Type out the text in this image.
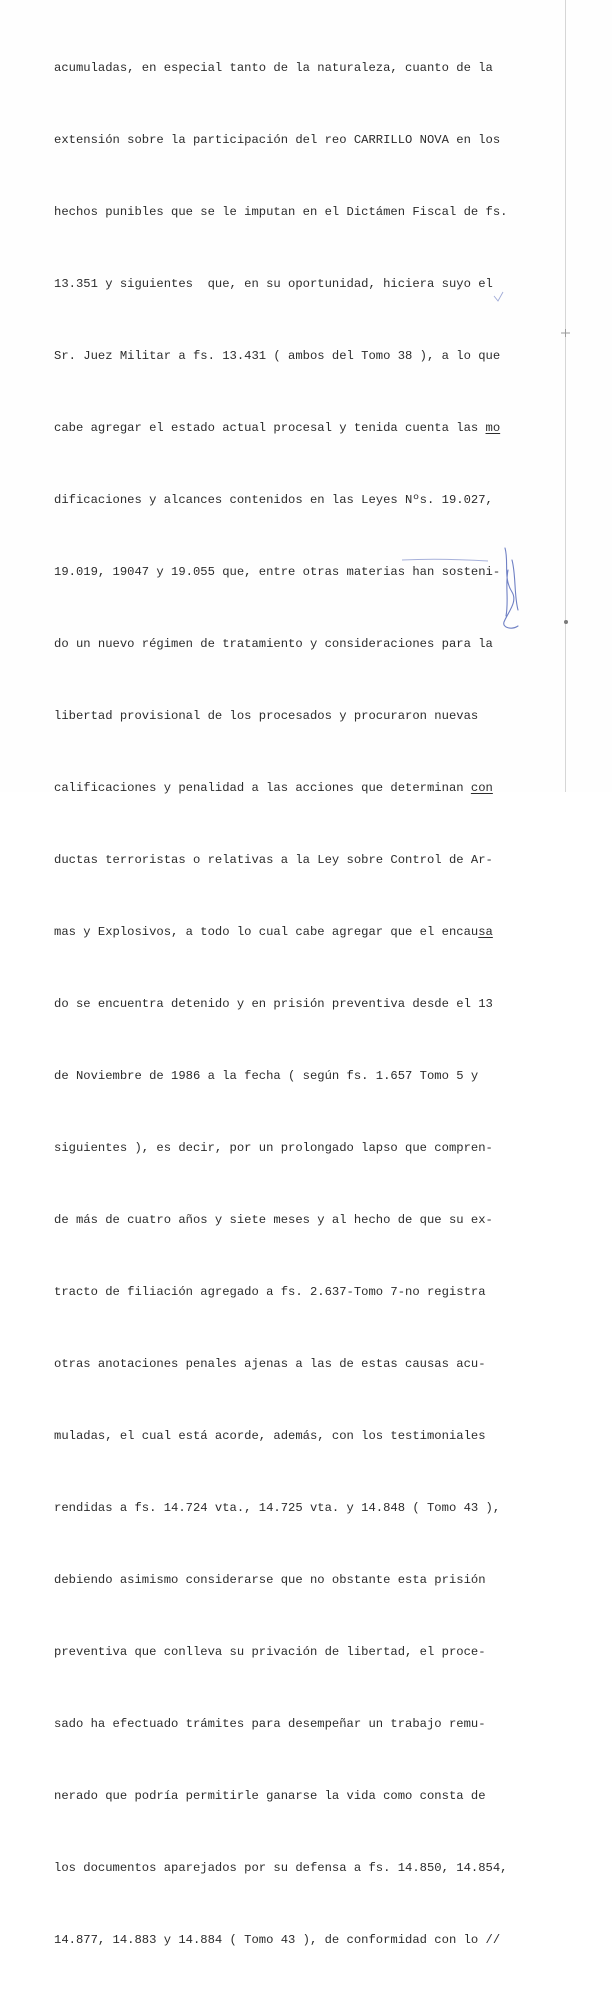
acumuladas, en especial tanto de la naturaleza, cuanto de la

extensión sobre la participación del reo CARRILLO NOVA en los

hechos punibles que se le imputan en el Dictámen Fiscal de fs.

13.351 y siguientes  que, en su oportunidad, hiciera suyo el

Sr. Juez Militar a fs. 13.431 ( ambos del Tomo 38 ), a lo que

cabe agregar el estado actual procesal y tenida cuenta las mo

dificaciones y alcances contenidos en las Leyes Nºs. 19.027,

19.019, 19047 y 19.055 que, entre otras materias han sosteni-

do un nuevo régimen de tratamiento y consideraciones para la

libertad provisional de los procesados y procuraron nuevas

calificaciones y penalidad a las acciones que determinan con

ductas terroristas o relativas a la Ley sobre Control de Ar-

mas y Explosivos, a todo lo cual cabe agregar que el encausa

do se encuentra detenido y en prisión preventiva desde el 13

de Noviembre de 1986 a la fecha ( según fs. 1.657 Tomo 5 y

siguientes ), es decir, por un prolongado lapso que compren-

de más de cuatro años y siete meses y al hecho de que su ex-

tracto de filiación agregado a fs. 2.637-Tomo 7-no registra

otras anotaciones penales ajenas a las de estas causas acu-

muladas, el cual está acorde, además, con los testimoniales

rendidas a fs. 14.724 vta., 14.725 vta. y 14.848 ( Tomo 43 ),

debiendo asimismo considerarse que no obstante esta prisión

preventiva que conlleva su privación de libertad, el proce-

sado ha efectuado trámites para desempeñar un trabajo remu-

nerado que podría permitirle ganarse la vida como consta de

los documentos aparejados por su defensa a fs. 14.850, 14.854,

14.877, 14.883 y 14.884 ( Tomo 43 ), de conformidad con lo //
